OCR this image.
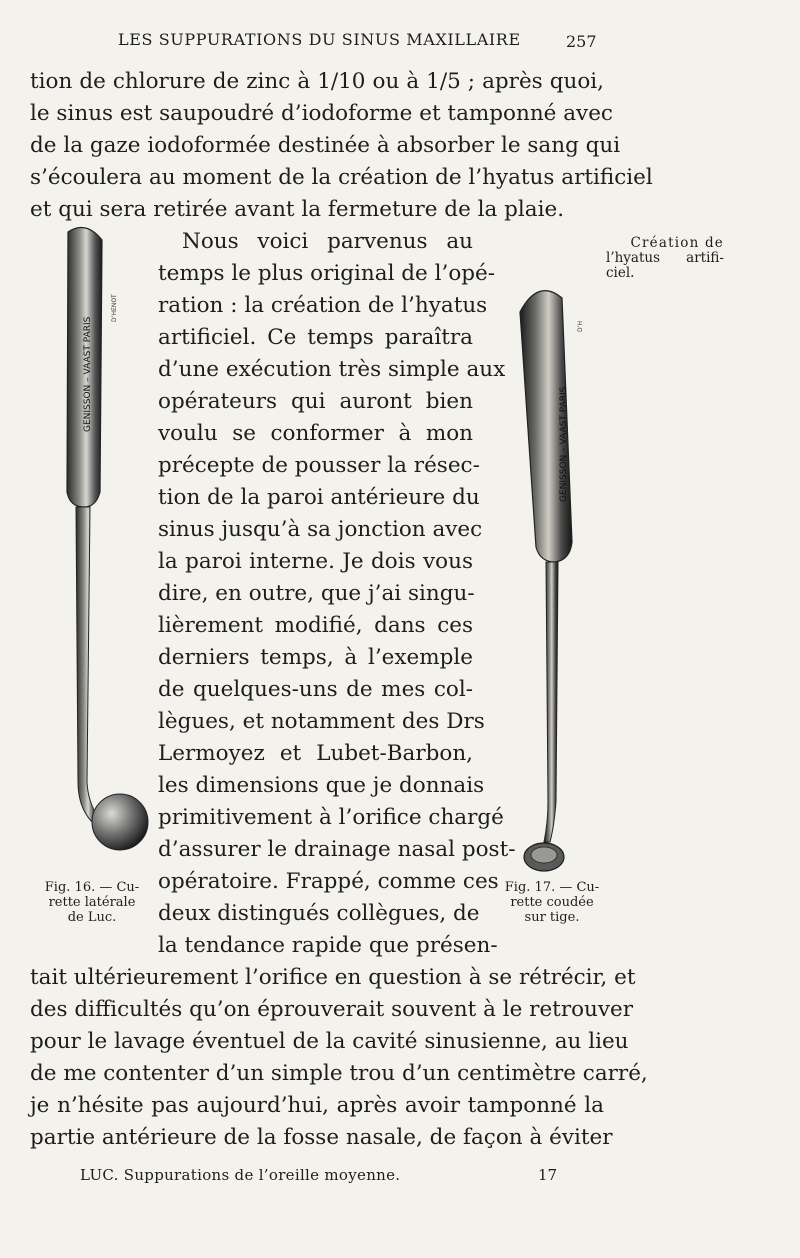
LES SUPPURATIONS DU SINUS MAXILLAIRE	257
tion de chlorure de zinc à 1/10 ou à 1/5 ; après quoi,
le sinus est saupoudré d’iodoforme et tamponné avec
de la gaze iodoformée destinée à absorber le sang qui
s’écoulera au moment de la création de l’hyatus artificiel
et qui sera retirée avant la fermeture de la plaie.
Nous voici parvenus au
temps le plus original de l’opé-
ration : la création de l’hyatus
artificiel. Ce temps paraîtra
d’une exécution très simple aux
opérateurs qui auront bien
voulu se conformer à mon
précepte de pousser la résec-
tion de la paroi antérieure du
sinus jusqu’à sa jonction avec
la paroi interne. Je dois vous
dire, en outre, que j’ai singu-
lièrement modifié, dans ces
derniers temps, à l’exemple
de quelques-uns de mes col-
lègues, et notamment des Drs
Lermoyez et Lubet-Barbon,
les dimensions que je donnais
primitivement à l’orifice chargé
d’assurer le drainage nasal post-
opératoire. Frappé, comme ces
deux distingués collègues, de
la tendance rapide que présen-
tait ultérieurement l’orifice en question à se rétrécir, et
des difficultés qu’on éprouverait souvent à le retrouver
pour le lavage éventuel de la cavité sinusienne, au lieu
de me contenter d’un simple trou d’un centimètre carré,
je n’hésite pas aujourd’hui, après avoir tamponné la
partie antérieure de la fosse nasale, de façon à éviter
Création de
l’hyatus artifi-
ciel.
GENISSON – VAAST PARIS
D’HENOT
Fig. 16. — Cu-
rette latérale
de Luc.
GENISSON – VAAST PARIS
D’H
Fig. 17. — Cu-
rette coudée
sur tige.
LUC. Suppurations de l’oreille moyenne.	17
